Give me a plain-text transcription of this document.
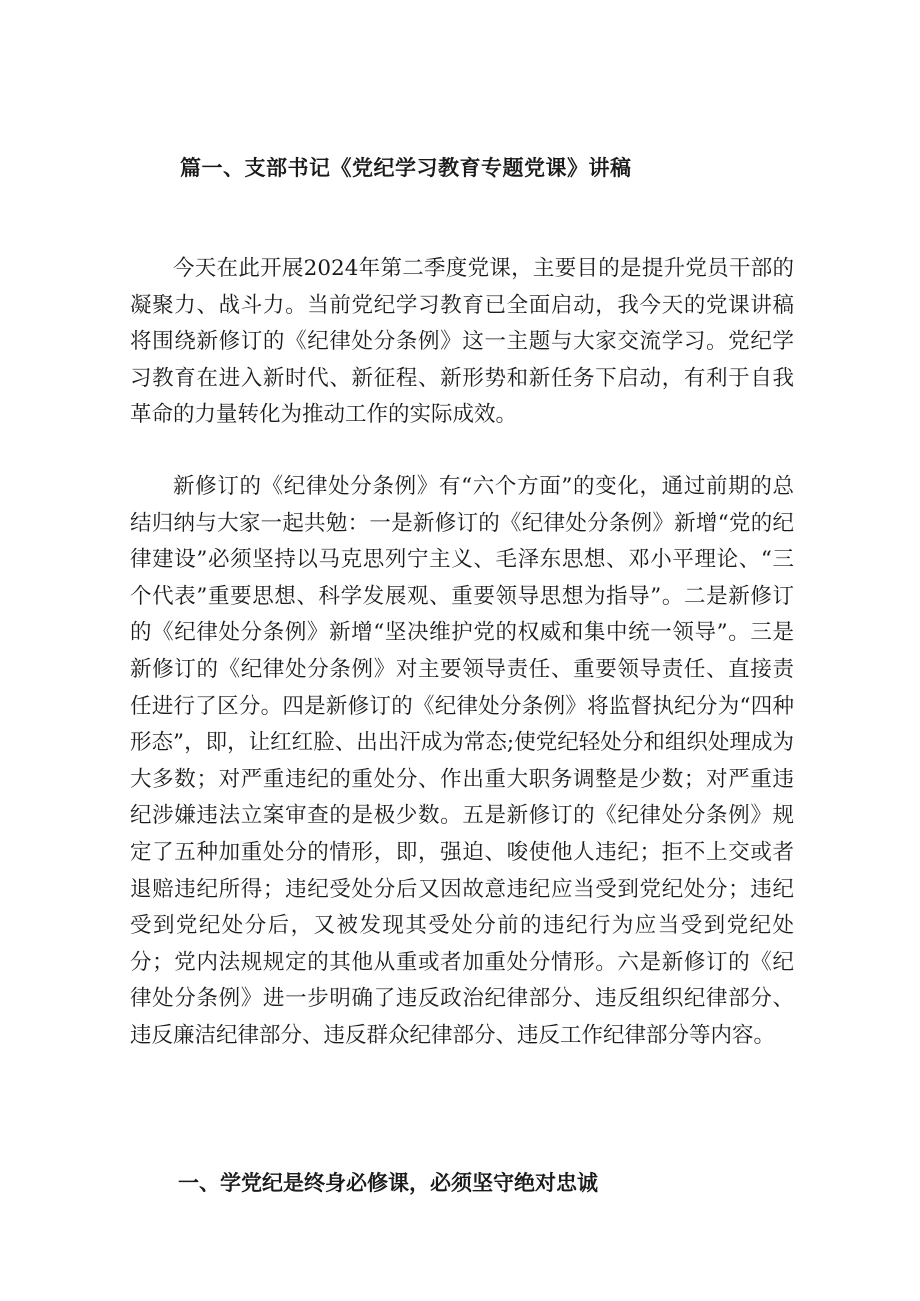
篇一、支部书记《党纪学习教育专题党课》讲稿

今天在此开展2024年第二季度党课，主要目的是提升党员干部的凝聚力、战斗力。当前党纪学习教育已全面启动，我今天的党课讲稿将围绕新修订的《纪律处分条例》这一主题与大家交流学习。党纪学习教育在进入新时代、新征程、新形势和新任务下启动，有利于自我革命的力量转化为推动工作的实际成效。

新修订的《纪律处分条例》有“六个方面”的变化，通过前期的总结归纳与大家一起共勉：一是新修订的《纪律处分条例》新增“党的纪律建设”必须坚持以马克思列宁主义、毛泽东思想、邓小平理论、“三个代表”重要思想、科学发展观、重要领导思想为指导”。二是新修订的《纪律处分条例》新增“坚决维护党的权威和集中统一领导”。三是新修订的《纪律处分条例》对主要领导责任、重要领导责任、直接责任进行了区分。四是新修订的《纪律处分条例》将监督执纪分为“四种形态”，即，让红红脸、出出汗成为常态;使党纪轻处分和组织处理成为大多数；对严重违纪的重处分、作出重大职务调整是少数；对严重违纪涉嫌违法立案审查的是极少数。五是新修订的《纪律处分条例》规定了五种加重处分的情形，即，强迫、唆使他人违纪；拒不上交或者退赔违纪所得；违纪受处分后又因故意违纪应当受到党纪处分；违纪受到党纪处分后，又被发现其受处分前的违纪行为应当受到党纪处分；党内法规规定的其他从重或者加重处分情形。六是新修订的《纪律处分条例》进一步明确了违反政治纪律部分、违反组织纪律部分、违反廉洁纪律部分、违反群众纪律部分、违反工作纪律部分等内容。

一、学党纪是终身必修课，必须坚守绝对忠诚
